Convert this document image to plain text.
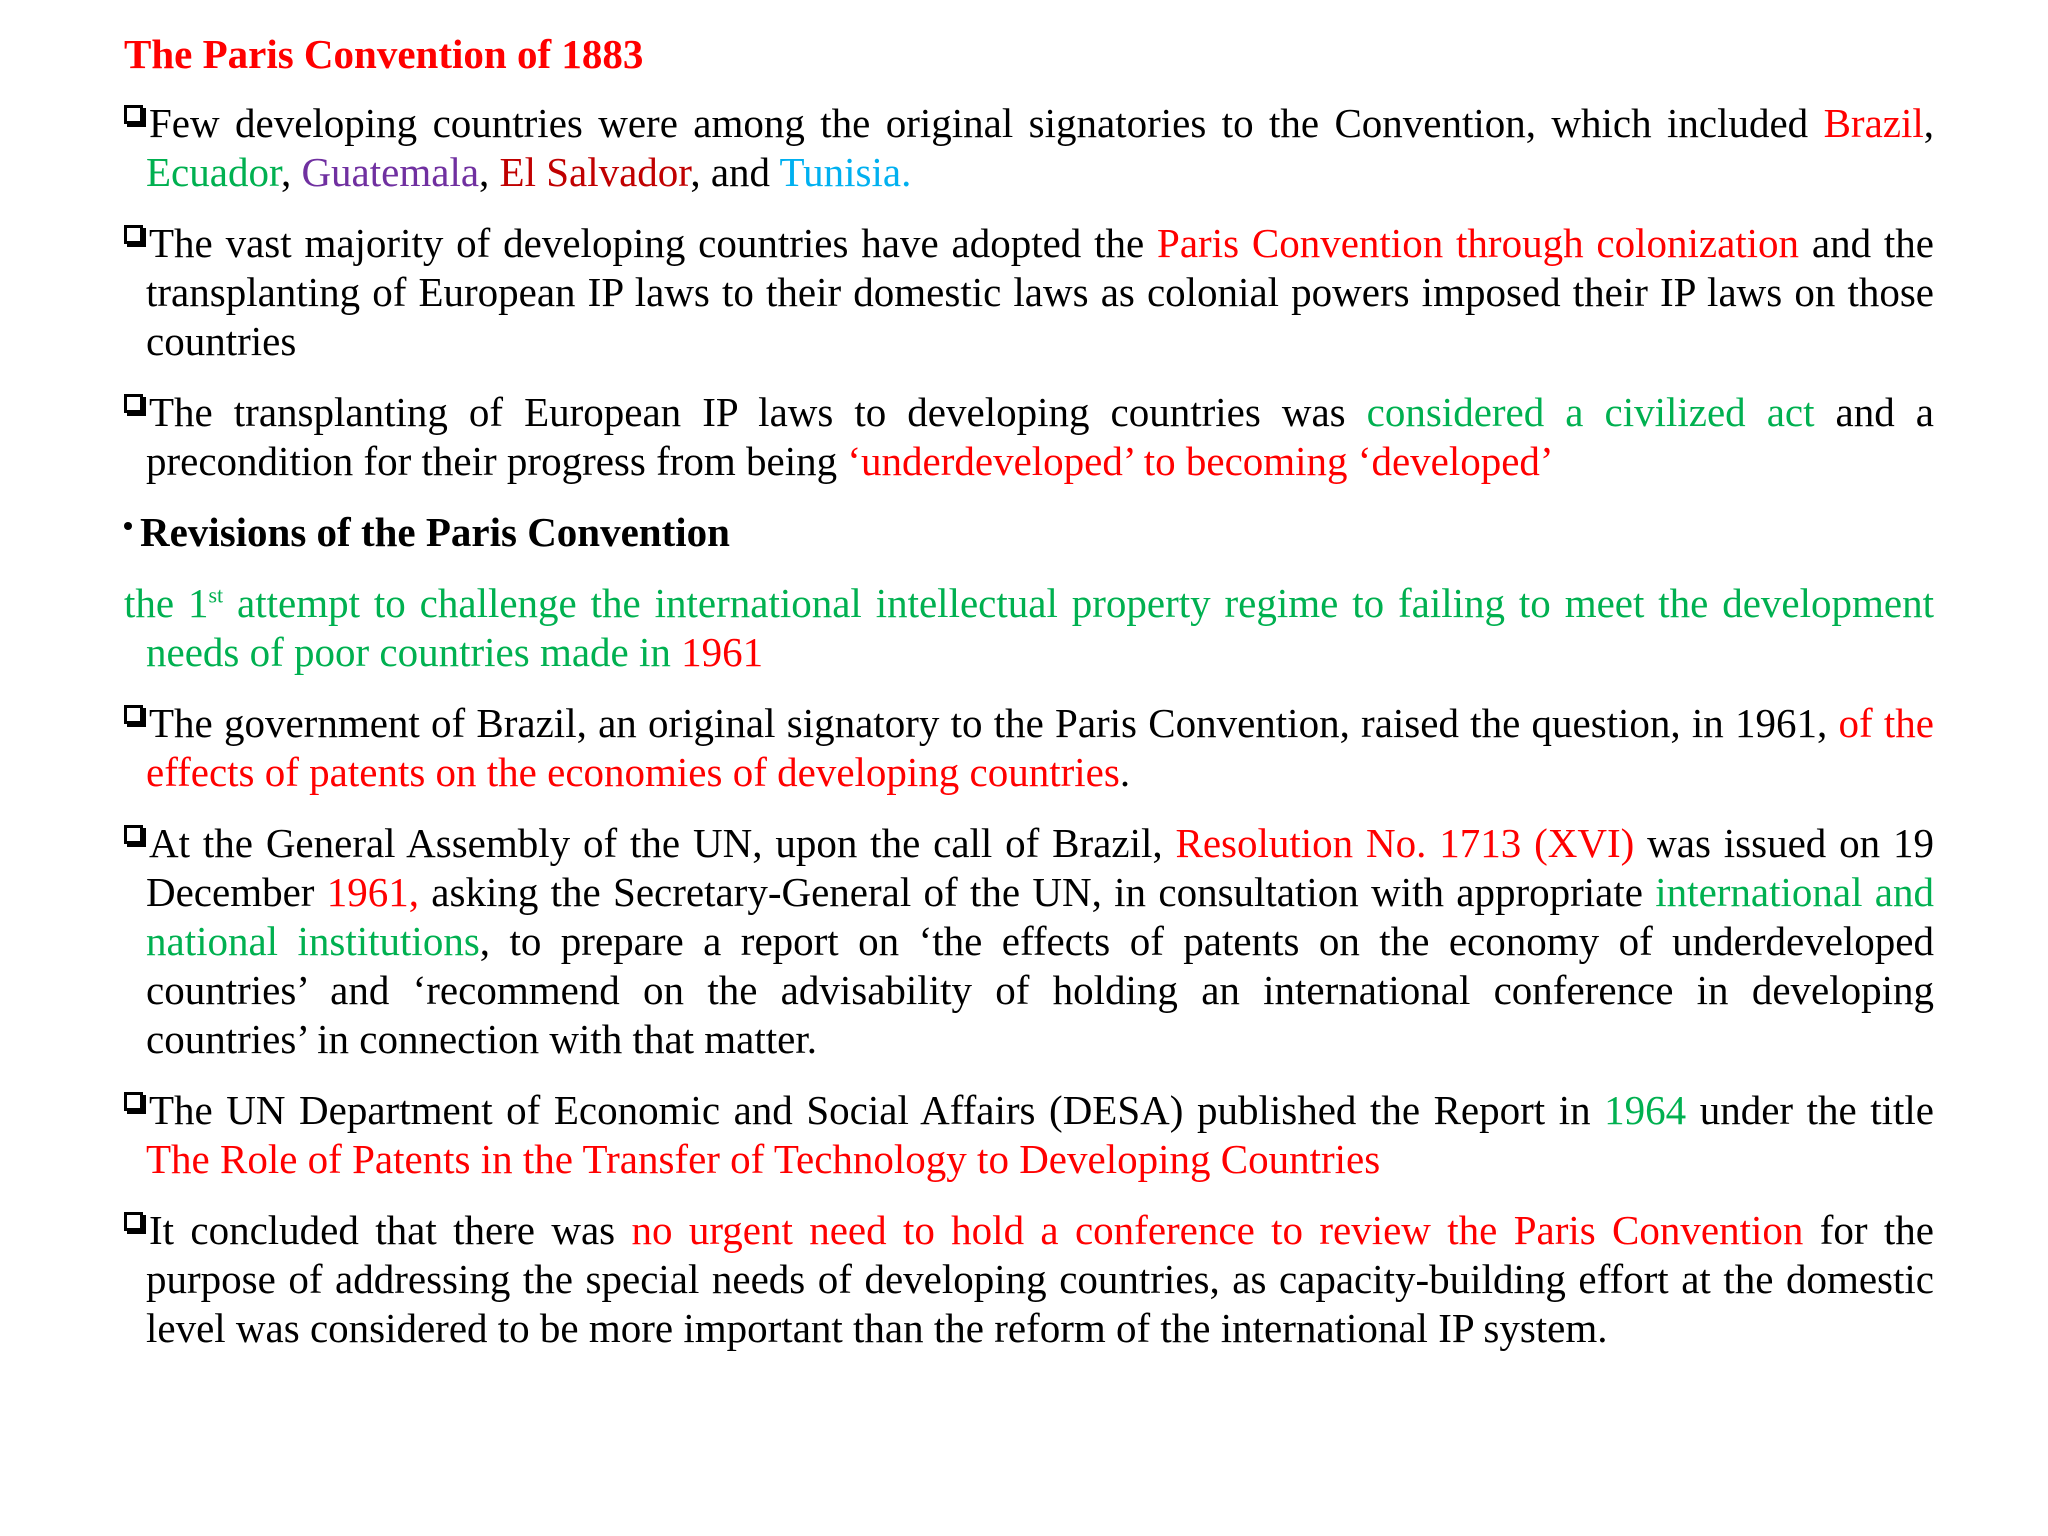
The Paris Convention of 1883
Few developing countries were among the original signatories to the Convention, which included Brazil, Ecuador, Guatemala, El Salvador, and Tunisia.
The vast majority of developing countries have adopted the Paris Convention through colonization and the transplanting of European IP laws to their domestic laws as colonial powers imposed their IP laws on those countries
The transplanting of European IP laws to developing countries was considered a civilized act and a precondition for their progress from being ‘underdeveloped’ to becoming ‘developed’
Revisions of the Paris Convention
the 1st attempt to challenge the international intellectual property regime to failing to meet the development needs of poor countries made in 1961
The government of Brazil, an original signatory to the Paris Convention, raised the question, in 1961, of the effects of patents on the economies of developing countries.
At the General Assembly of the UN, upon the call of Brazil, Resolution No. 1713 (XVI) was issued on 19 December 1961, asking the Secretary-General of the UN, in consultation with appropriate international and national institutions, to prepare a report on ‘the effects of patents on the economy of underdeveloped countries’ and ‘recommend on the advisability of holding an international conference in developing countries’ in connection with that matter.
The UN Department of Economic and Social Affairs (DESA) published the Report in 1964 under the title The Role of Patents in the Transfer of Technology to Developing Countries
It concluded that there was no urgent need to hold a conference to review the Paris Convention for the purpose of addressing the special needs of developing countries, as capacity-building effort at the domestic level was considered to be more important than the reform of the international IP system.
